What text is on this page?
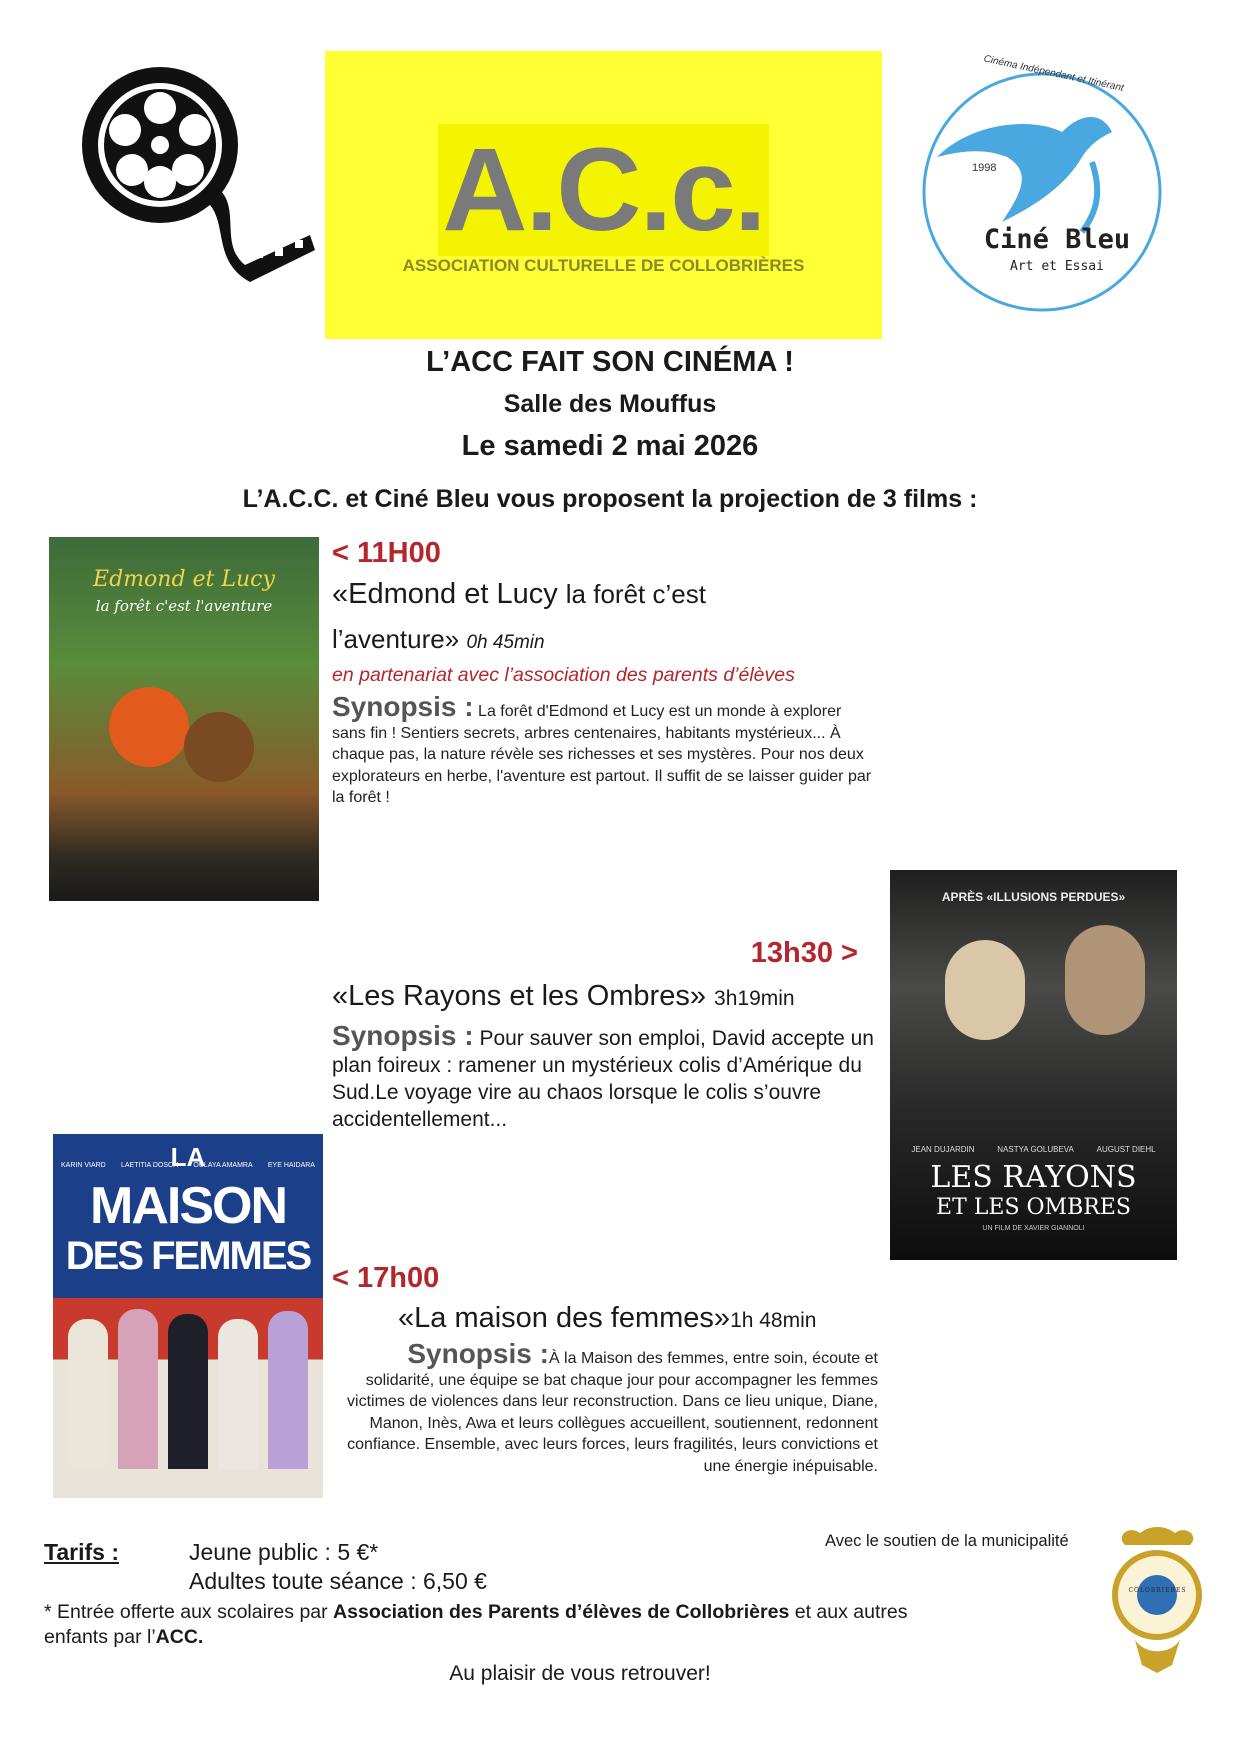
A.C.c.
ASSOCIATION CULTURELLE DE COLLOBRIÈRES
Cinéma Indépendant et Itinérant
1998
Ciné Bleu
Art et Essai
L’ACC FAIT SON CINÉMA !
Salle des Mouffus
Le samedi 2 mai 2026
L’A.C.C. et Ciné Bleu vous proposent la projection de 3 films :
Edmond et Lucy
la forêt c'est l'aventure
< 11H00
«Edmond et Lucy la forêt c’est
l’aventure» 0h 45min
en partenariat avec l’association des parents d’élèves
Synopsis : La forêt d'Edmond et Lucy est un monde à explorer sans fin ! Sentiers secrets, arbres centenaires, habitants mystérieux... À chaque pas, la nature révèle ses richesses et ses mystères. Pour nos deux explorateurs en herbe, l'aventure est partout. Il suffit de se laisser guider par la forêt !
APRÈS «ILLUSIONS PERDUES»
JEAN DUJARDIN	NASTYA GOLUBEVA	AUGUST DIEHL
LES RAYONS
ET LES OMBRES
UN FILM DE XAVIER GIANNOLI
13h30 >
«Les Rayons et les Ombres» 3h19min
Synopsis : Pour sauver son emploi, David accepte un plan foireux : ramener un mystérieux colis d’Amérique du Sud.Le voyage vire au chaos lorsque le colis s’ouvre accidentellement...
KARIN VIARD LAETITIA DOSCH OULAYA AMAMRA EYE HAIDARA
LA
MAISON
DES FEMMES < 17h00
«La maison des femmes»1h 48min
Synopsis :À la Maison des femmes, entre soin, écoute et solidarité, une équipe se bat chaque jour pour accompagner les femmes victimes de violences dans leur reconstruction. Dans ce lieu unique, Diane, Manon, Inès, Awa et leurs collègues accueillent, soutiennent, redonnent confiance. Ensemble, avec leurs forces, leurs fragilités, leurs convictions et une énergie inépuisable.
Avec le soutien de la municipalité
COLOBRIERES
Tarifs :	Jeune public : 5 €*
Adultes toute séance : 6,50 €
* Entrée offerte aux scolaires par Association des Parents d’élèves de Collobrières et aux autres enfants par l’ACC.
Au plaisir de vous retrouver!
